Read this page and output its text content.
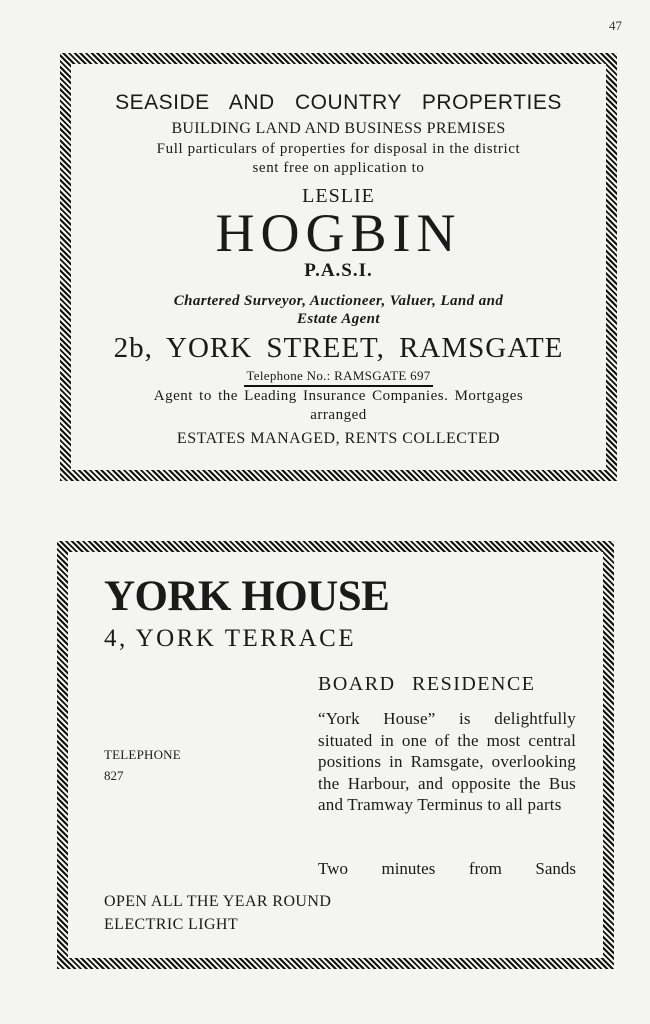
47
SEASIDE AND COUNTRY PROPERTIES
BUILDING LAND AND BUSINESS PREMISES
Full particulars of properties for disposal in the district
sent free on application to
LESLIE
HOGBIN
P.A.S.I.
Chartered Surveyor, Auctioneer, Valuer, Land and
Estate Agent
2b, YORK STREET, RAMSGATE
Telephone No.: RAMSGATE 697
Agent to the Leading Insurance Companies. Mortgages
arranged
ESTATES MANAGED, RENTS COLLECTED
YORK HOUSE
4, YORK TERRACE
BOARD RESIDENCE
“York House” is delightfully situated in one of the most central positions in Ramsgate, overlooking the Harbour, and opposite the Bus and Tramway Terminus to all parts
Two minutes from Sands
TELEPHONE
827
OPEN ALL THE YEAR ROUND
ELECTRIC LIGHT
